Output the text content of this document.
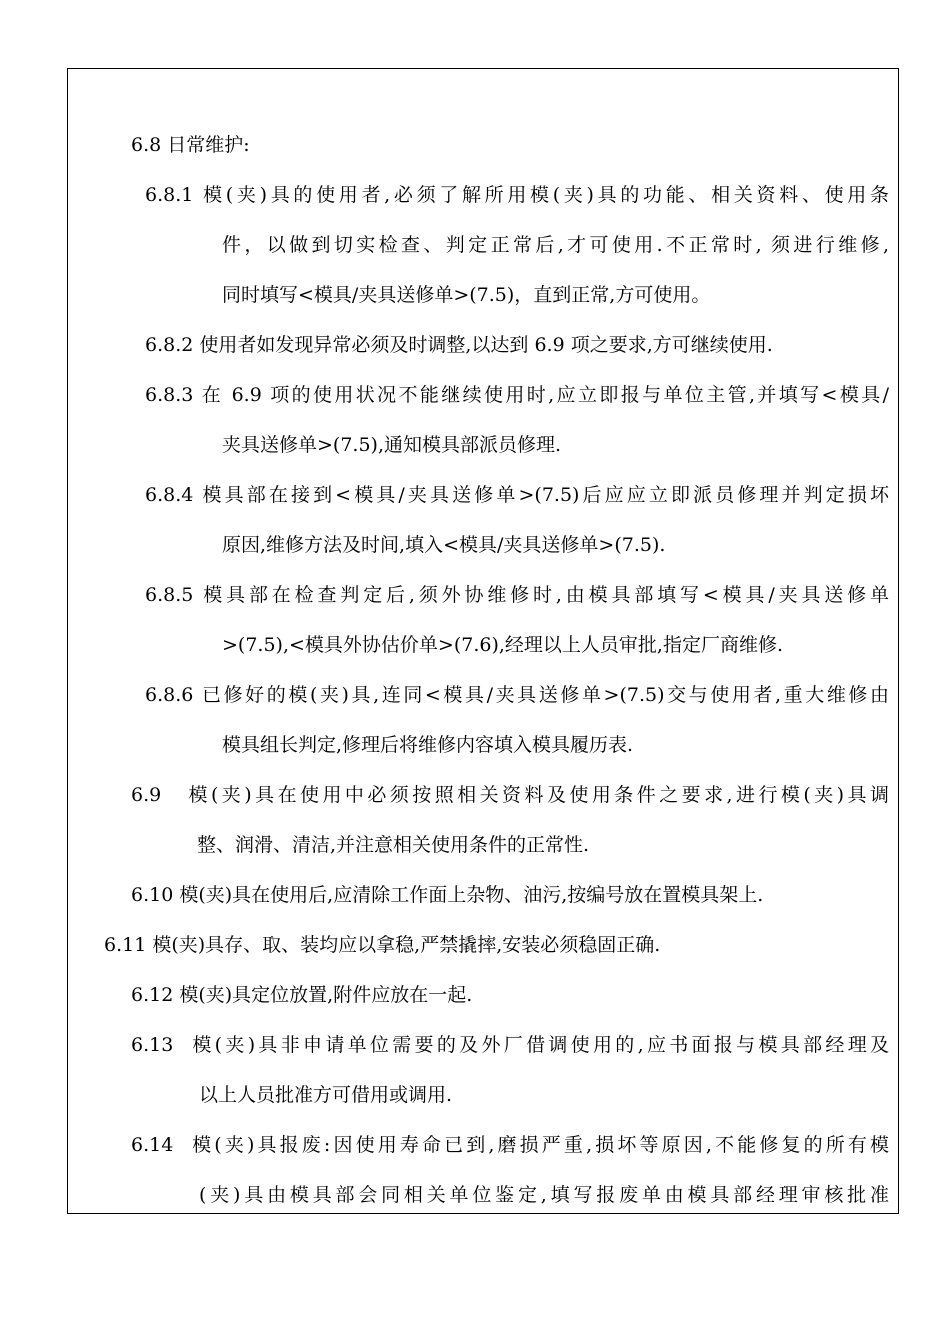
6.8 日常维护:
6.8.1 模(夹)具的使用者,必须了解所用模(夹)具的功能、相关资料、使用条
件，以做到切实检查、判定正常后,才可使用.不正常时, 须进行维修,
同时填写<模具/夹具送修单>(7.5)，直到正常,方可使用。
6.8.2 使用者如发现异常必须及时调整,以达到 6.9 项之要求,方可继续使用.
6.8.3 在 6.9 项的使用状况不能继续使用时,应立即报与单位主管,并填写<模具/
夹具送修单>(7.5),通知模具部派员修理.
6.8.4 模具部在接到<模具/夹具送修单>(7.5)后应应立即派员修理并判定损坏
原因,维修方法及时间,填入<模具/夹具送修单>(7.5).
6.8.5 模具部在检查判定后,须外协维修时,由模具部填写<模具/夹具送修单
>(7.5),<模具外协估价单>(7.6),经理以上人员审批,指定厂商维修.
6.8.6 已修好的模(夹)具,连同<模具/夹具送修单>(7.5)交与使用者,重大维修由
模具组长判定,修理后将维修内容填入模具履历表.
6.9 模(夹)具在使用中必须按照相关资料及使用条件之要求,进行模(夹)具调
整、润滑、清洁,并注意相关使用条件的正常性.
6.10 模(夹)具在使用后,应清除工作面上杂物、油污,按编号放在置模具架上.
6.11 模(夹)具存、取、装均应以拿稳,严禁撬摔,安装必须稳固正确.
6.12 模(夹)具定位放置,附件应放在一起.
6.13 模(夹)具非申请单位需要的及外厂借调使用的,应书面报与模具部经理及
以上人员批准方可借用或调用.
6.14 模(夹)具报废:因使用寿命已到,磨损严重,损坏等原因,不能修复的所有模
(夹)具由模具部会同相关单位鉴定,填写报废单由模具部经理审核批准
